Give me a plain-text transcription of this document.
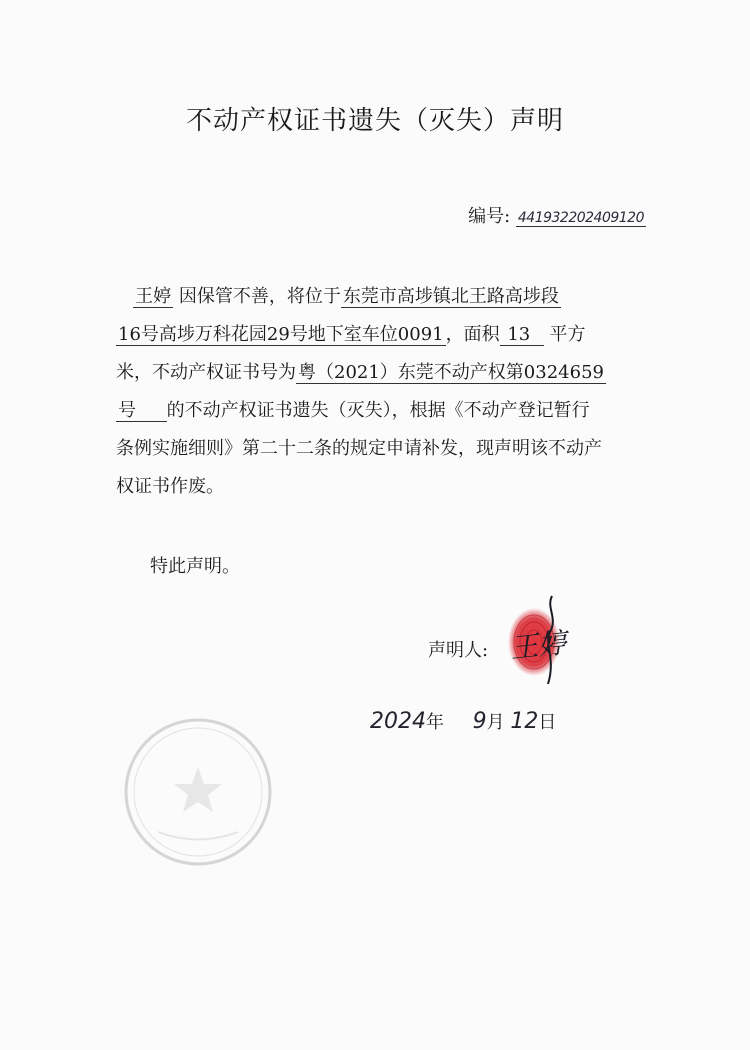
不动产权证书遗失（灭失）声明
编号: 441932202409120
王婷 因保管不善，将位于 东莞市高埗镇北王路高埗段
16号高埗万科花园29号地下室车位0091 ，面积 13 平方
米，不动产权证书号为 粤（2021）东莞不动产权第0324659
号 的不动产权证书遗失（灭失），根据《不动产登记暂行
条例实施细则》第二十二条的规定申请补发，现声明该不动产
权证书作废。
特此声明。
声明人: 王婷
2024年 9月 12日
